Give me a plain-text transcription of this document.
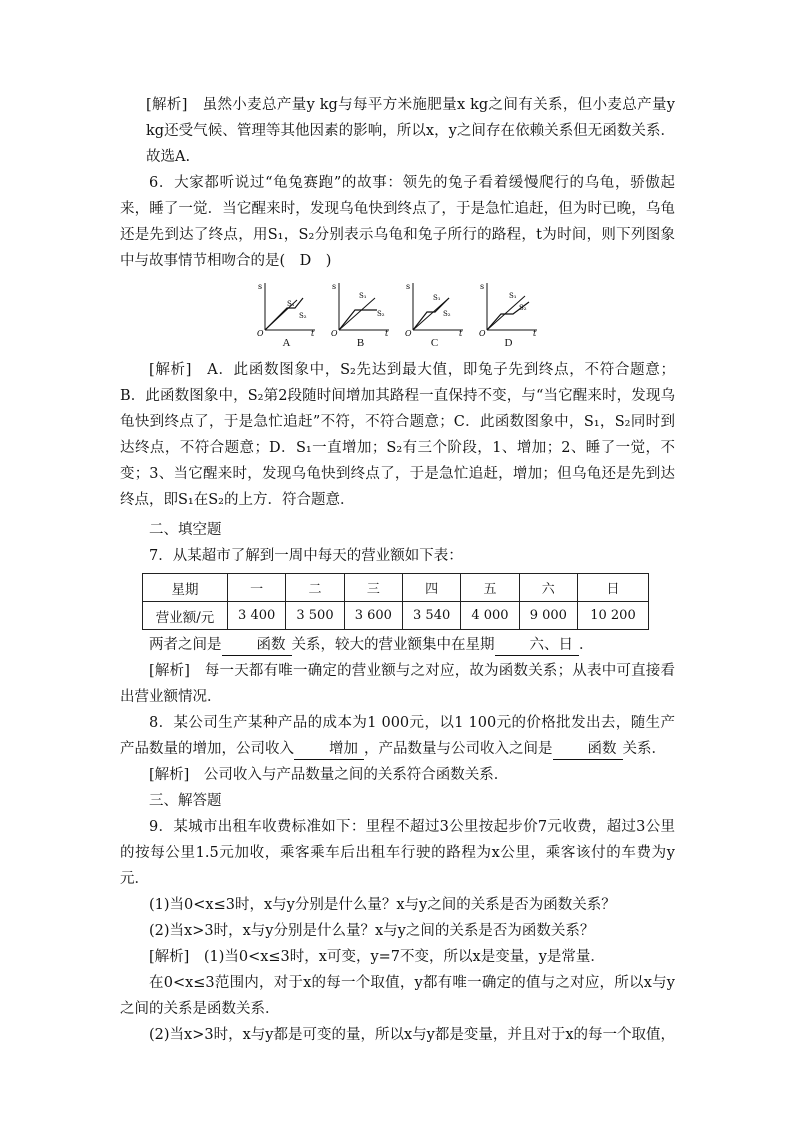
[解析]　虽然小麦总产量y kg与每平方米施肥量x kg之间有关系，但小麦总产量y kg还受气候、管理等其他因素的影响，所以x，y之间存在依赖关系但无函数关系．故选A.

6．大家都听说过“龟兔赛跑”的故事：领先的兔子看着缓慢爬行的乌龟，骄傲起来，睡了一觉．当它醒来时，发现乌龟快到终点了，于是急忙追赶，但为时已晚，乌龟还是先到达了终点，用S₁，S₂分别表示乌龟和兔子所行的路程，t为时间，则下列图象中与故事情节相吻合的是(　D　)

s
S₁
S₂
O	t
A
s
S₁
S₂
O	t
B
s
S₁
S₂
O	t
C
s
S₁
S₂
O	t
D

[解析]　A．此函数图象中，S₂先达到最大值，即兔子先到终点，不符合题意；B．此函数图象中，S₂第2段随时间增加其路程一直保持不变，与“当它醒来时，发现乌龟快到终点了，于是急忙追赶”不符，不符合题意；C．此函数图象中，S₁，S₂同时到达终点，不符合题意；D．S₁一直增加；S₂有三个阶段，1、增加；2、睡了一觉，不变；3、当它醒来时，发现乌龟快到终点了，于是急忙追赶，增加；但乌龟还是先到达终点，即S₁在S₂的上方．符合题意．

二、填空题

7．从某超市了解到一周中每天的营业额如下表：

星期	一	二	三	四	五	六	日
营业额/元	3 400	3 500	3 600	3 540	4 000	9 000	10 200

两者之间是 函数 关系，较大的营业额集中在星期 六、日 ．

[解析]　每一天都有唯一确定的营业额与之对应，故为函数关系；从表中可直接看出营业额情况．

8．某公司生产某种产品的成本为1 000元，以1 100元的价格批发出去，随生产产品数量的增加，公司收入 增加 ，产品数量与公司收入之间是 函数 关系．

[解析]　公司收入与产品数量之间的关系符合函数关系．

三、解答题

9．某城市出租车收费标准如下：里程不超过3公里按起步价7元收费，超过3公里的按每公里1.5元加收，乘客乘车后出租车行驶的路程为x公里，乘客该付的车费为y元．

(1)当0<x≤3时，x与y分别是什么量？x与y之间的关系是否为函数关系？

(2)当x>3时，x与y分别是什么量？x与y之间的关系是否为函数关系？

[解析]　(1)当0<x≤3时，x可变，y=7不变，所以x是变量，y是常量．

在0<x≤3范围内，对于x的每一个取值，y都有唯一确定的值与之对应，所以x与y之间的关系是函数关系．

(2)当x>3时，x与y都是可变的量，所以x与y都是变量，并且对于x的每一个取值，
